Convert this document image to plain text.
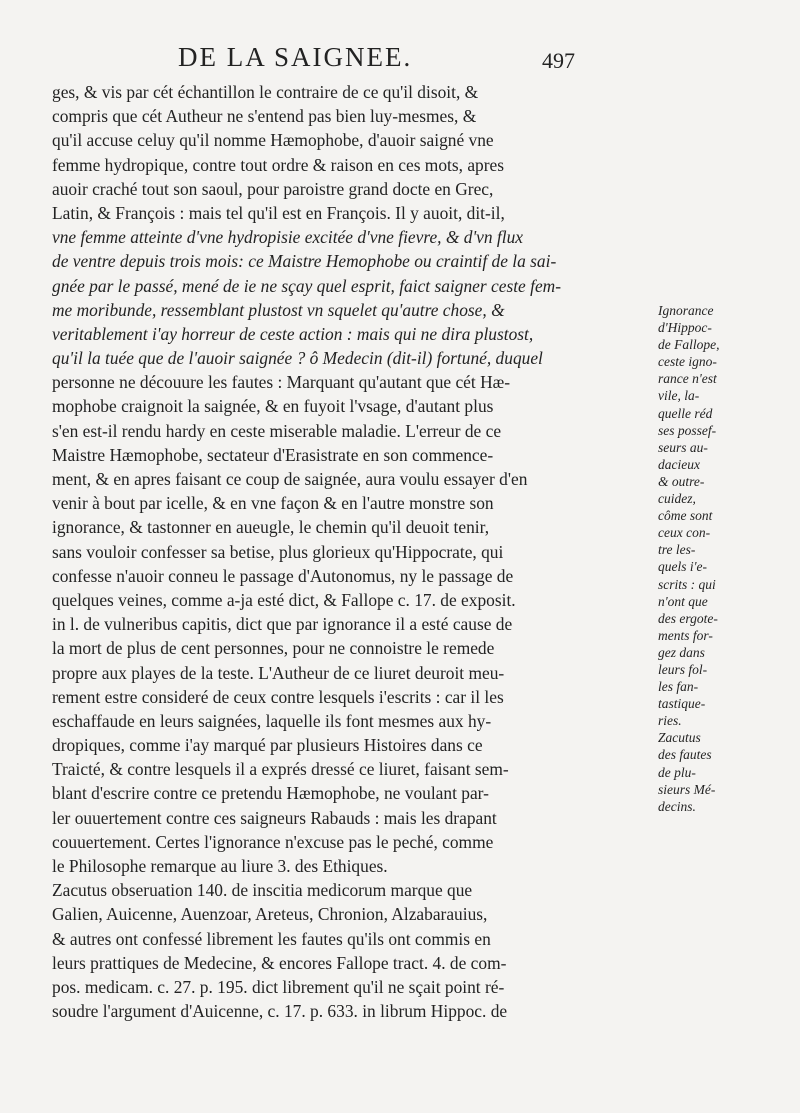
DE LA SAIGNEE.	497
ges, & vis par cét échantillon le contraire de ce qu'il disoit, &
compris que cét Autheur ne s'entend pas bien luy-mesmes, &
qu'il accuse celuy qu'il nomme Hæmophobe, d'auoir saigné vne
femme hydropique, contre tout ordre & raison en ces mots, apres
auoir craché tout son saoul, pour paroistre grand docte en Grec,
Latin, & François : mais tel qu'il est en François. Il y auoit, dit-il,
vne femme atteinte d'vne hydropisie excitée d'vne fievre, & d'vn flux
de ventre depuis trois mois: ce Maistre Hemophobe ou craintif de la sai-
gnée par le passé, mené de ie ne sçay quel esprit, faict saigner ceste fem-
me moribunde, ressemblant plustost vn squelet qu'autre chose, &
veritablement i'ay horreur de ceste action : mais qui ne dira plustost,
qu'il la tuée que de l'auoir saignée ? ô Medecin (dit-il) fortuné, duquel
personne ne découure les fautes : Marquant qu'autant que cét Hæ-
mophobe craignoit la saignée, & en fuyoit l'vsage, d'autant plus
s'en est-il rendu hardy en ceste miserable maladie. L'erreur de ce
Maistre Hæmophobe, sectateur d'Erasistrate en son commence-
ment, & en apres faisant ce coup de saignée, aura voulu essayer d'en
venir à bout par icelle, & en vne façon & en l'autre monstre son
ignorance, & tastonner en aueugle, le chemin qu'il deuoit tenir,
sans vouloir confesser sa betise, plus glorieux qu'Hippocrate, qui
confesse n'auoir conneu le passage d'Autonomus, ny le passage de
quelques veines, comme a-ja esté dict, & Fallope c. 17. de exposit.
in l. de vulneribus capitis, dict que par ignorance il a esté cause de
la mort de plus de cent personnes, pour ne connoistre le remede
propre aux playes de la teste. L'Autheur de ce liuret deuroit meu-
rement estre consideré de ceux contre lesquels i'escrits : car il les
eschaffaude en leurs saignées, laquelle ils font mesmes aux hy-
dropiques, comme i'ay marqué par plusieurs Histoires dans ce
Traicté, & contre lesquels il a exprés dressé ce liuret, faisant sem-
blant d'escrire contre ce pretendu Hæmophobe, ne voulant par-
ler ouuertement contre ces saigneurs Rabauds : mais les drapant
couuertement. Certes l'ignorance n'excuse pas le peché, comme
le Philosophe remarque au liure 3. des Ethiques.
Zacutus obseruation 140. de inscitia medicorum marque que
Galien, Auicenne, Auenzoar, Areteus, Chronion, Alzabarauius,
& autres ont confessé librement les fautes qu'ils ont commis en
leurs prattiques de Medecine, & encores Fallope tract. 4. de com-
pos. medicam. c. 27. p. 195. dict librement qu'il ne sçait point ré-
soudre l'argument d'Auicenne, c. 17. p. 633. in librum Hippoc. de
Ignorance
d'Hippoc-
de Fallope,
ceste igno-
rance n'est
vile, la-
quelle réd
ses possef-
seurs au-
dacieux
& outre-
cuidez,
côme sont
ceux con-
tre les-
quels i'e-
scrits : qui
n'ont que
des ergote-
ments for-
gez dans
leurs fol-
les fan-
tastique-
ries.
Zacutus
des fautes
de plu-
sieurs Mé-
decins.
